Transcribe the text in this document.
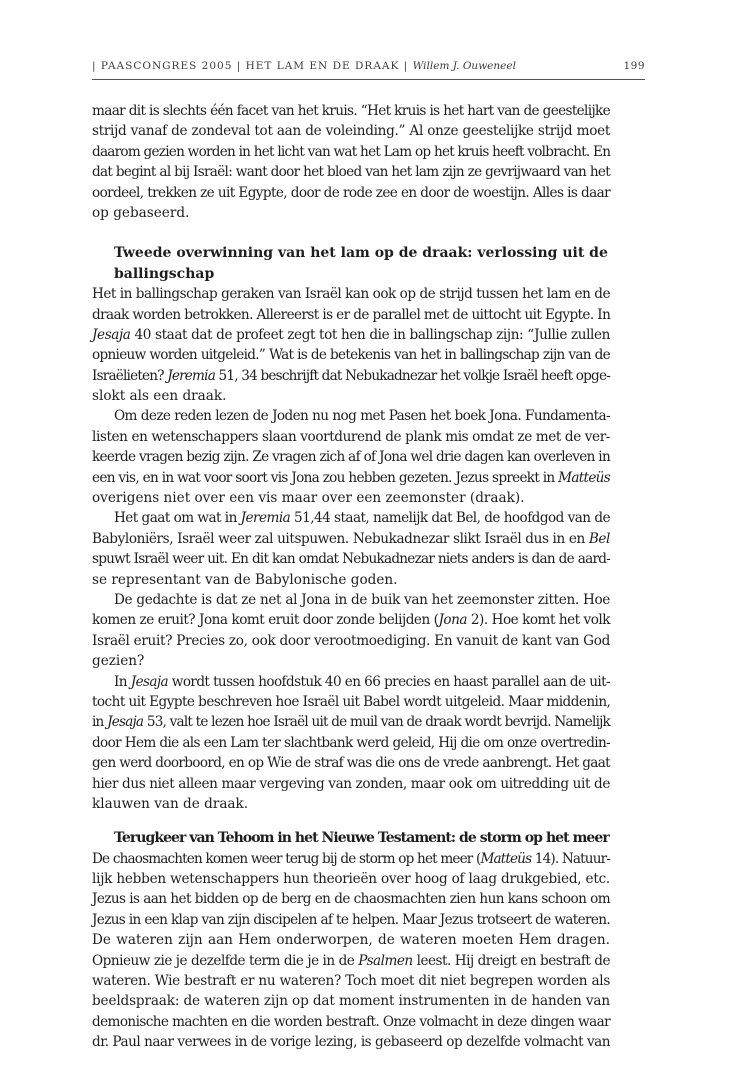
| PAASCONGRES 2005 | HET LAM EN DE DRAAK | Willem J. Ouweneel	199
maar dit is slechts één facet van het kruis. “Het kruis is het hart van de geestelijke
strijd vanaf de zondeval tot aan de voleinding.” Al onze geestelijke strijd moet
daarom gezien worden in het licht van wat het Lam op het kruis heeft volbracht. En
dat begint al bij Israël: want door het bloed van het lam zijn ze gevrijwaard van het
oordeel, trekken ze uit Egypte, door de rode zee en door de woestijn. Alles is daar
op gebaseerd.
Tweede overwinning van het lam op de draak: verlossing uit de
ballingschap
Het in ballingschap geraken van Israël kan ook op de strijd tussen het lam en de
draak worden betrokken. Allereerst is er de parallel met de uittocht uit Egypte. In
Jesaja 40 staat dat de profeet zegt tot hen die in ballingschap zijn: “Jullie zullen
opnieuw worden uitgeleid.” Wat is de betekenis van het in ballingschap zijn van de
Israëlieten? Jeremia 51, 34 beschrijft dat Nebukadnezar het volkje Israël heeft opge-
slokt als een draak.
Om deze reden lezen de Joden nu nog met Pasen het boek Jona. Fundamenta-
listen en wetenschappers slaan voortdurend de plank mis omdat ze met de ver-
keerde vragen bezig zijn. Ze vragen zich af of Jona wel drie dagen kan overleven in
een vis, en in wat voor soort vis Jona zou hebben gezeten. Jezus spreekt in Matteüs
overigens niet over een vis maar over een zeemonster (draak).
Het gaat om wat in Jeremia 51,44 staat, namelijk dat Bel, de hoofdgod van de
Babyloniërs, Israël weer zal uitspuwen. Nebukadnezar slikt Israël dus in en Bel
spuwt Israël weer uit. En dit kan omdat Nebukadnezar niets anders is dan de aard-
se representant van de Babylonische goden.
De gedachte is dat ze net al Jona in de buik van het zeemonster zitten. Hoe
komen ze eruit? Jona komt eruit door zonde belijden (Jona 2). Hoe komt het volk
Israël eruit? Precies zo, ook door verootmoediging. En vanuit de kant van God
gezien?
In Jesaja wordt tussen hoofdstuk 40 en 66 precies en haast parallel aan de uit-
tocht uit Egypte beschreven hoe Israël uit Babel wordt uitgeleid. Maar middenin,
in Jesaja 53, valt te lezen hoe Israël uit de muil van de draak wordt bevrijd. Namelijk
door Hem die als een Lam ter slachtbank werd geleid, Hij die om onze overtredin-
gen werd doorboord, en op Wie de straf was die ons de vrede aanbrengt. Het gaat
hier dus niet alleen maar vergeving van zonden, maar ook om uitredding uit de
klauwen van de draak.
Terugkeer van Tehoom in het Nieuwe Testament: de storm op het meer
De chaosmachten komen weer terug bij de storm op het meer (Matteüs 14). Natuur-
lijk hebben wetenschappers hun theorieën over hoog of laag drukgebied, etc.
Jezus is aan het bidden op de berg en de chaosmachten zien hun kans schoon om
Jezus in een klap van zijn discipelen af te helpen. Maar Jezus trotseert de wateren.
De wateren zijn aan Hem onderworpen, de wateren moeten Hem dragen.
Opnieuw zie je dezelfde term die je in de Psalmen leest. Hij dreigt en bestraft de
wateren. Wie bestraft er nu wateren? Toch moet dit niet begrepen worden als
beeldspraak: de wateren zijn op dat moment instrumenten in de handen van
demonische machten en die worden bestraft. Onze volmacht in deze dingen waar
dr. Paul naar verwees in de vorige lezing, is gebaseerd op dezelfde volmacht van
